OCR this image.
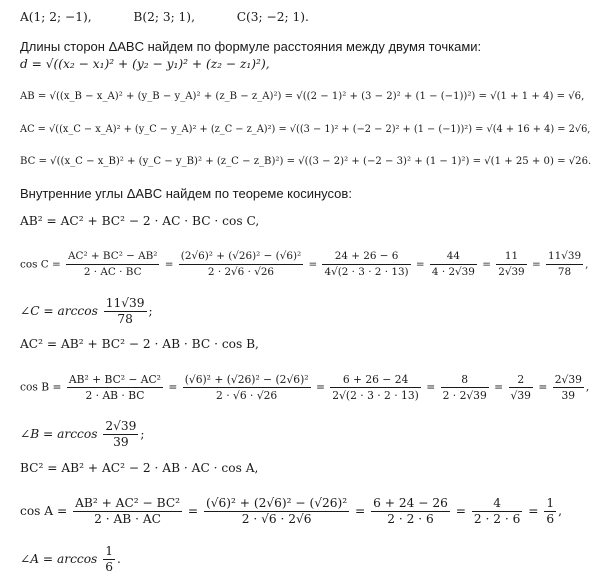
A(1; 2; −1),	B(2; 3; 1),	C(3; −2; 1).
Длины сторон ΔABC найдем по формуле расстояния между двумя точками:
d = √((x₂ − x₁)² + (y₂ − y₁)² + (z₂ − z₁)²),
AB = √((x_B − x_A)² + (y_B − y_A)² + (z_B − z_A)²) = √((2 − 1)² + (3 − 2)² + (1 − (−1))²) = √(1 + 1 + 4) = √6,
AC = √((x_C − x_A)² + (y_C − y_A)² + (z_C − z_A)²) = √((3 − 1)² + (−2 − 2)² + (1 − (−1))²) = √(4 + 16 + 4) = 2√6,
BC = √((x_C − x_B)² + (y_C − y_B)² + (z_C − z_B)²) = √((3 − 2)² + (−2 − 3)² + (1 − 1)²) = √(1 + 25 + 0) = √26.
Внутренние углы ΔABC найдем по теореме косинусов:
AB² = AC² + BC² − 2 · AC · BC · cos C,
$\cos C = \frac{\text{AC² + BC² − AB²}}{2 \cdot AC \cdot BC} = \frac{\text{(2√6)² + (√26)² − (√6)²}}{2 \cdot 2√6 \cdot √26} = \frac{24 + 26 - 6}{4√(2 \cdot 3 \cdot 2 \cdot 13)} = \frac{44}{4 \cdot 2√39} = \frac{11}{2√39} = \frac{11√39}{78}$ ,
∠C = $\arccos \frac{11√39}{78}$ ;
AC² = AB² + BC² − 2 · AB · BC · cos B,
$\cos B = \frac{\text{AB² + BC² − AC²}}{2 \cdot AB \cdot BC} = \frac{\text{(√6)² + (√26)² − (2√6)²}}{2 \cdot √6 \cdot √26} = \frac{6 + 26 - 24}{2√(2 \cdot 3 \cdot 2 \cdot 13)} = \frac{8}{2 \cdot 2√39} = \frac{2}{√39} = \frac{2√39}{39}$ ,
∠B = $\arccos \frac{2√39}{39}$ ;
BC² = AB² + AC² − 2 · AB · AC · cos A,
$\cos A = \frac{\text{AB² + AC² − BC²}}{2 \cdot AB \cdot AC} = \frac{\text{(√6)² + (2√6)² − (√26)²}}{2 \cdot √6 \cdot 2√6} = \frac{6 + 24 - 26}{2 \cdot 2 \cdot 6} = \frac{4}{2 \cdot 2 \cdot 6} = \frac{1}{6}$ ,
∠A = $\arccos \frac{1}{6}$ .
